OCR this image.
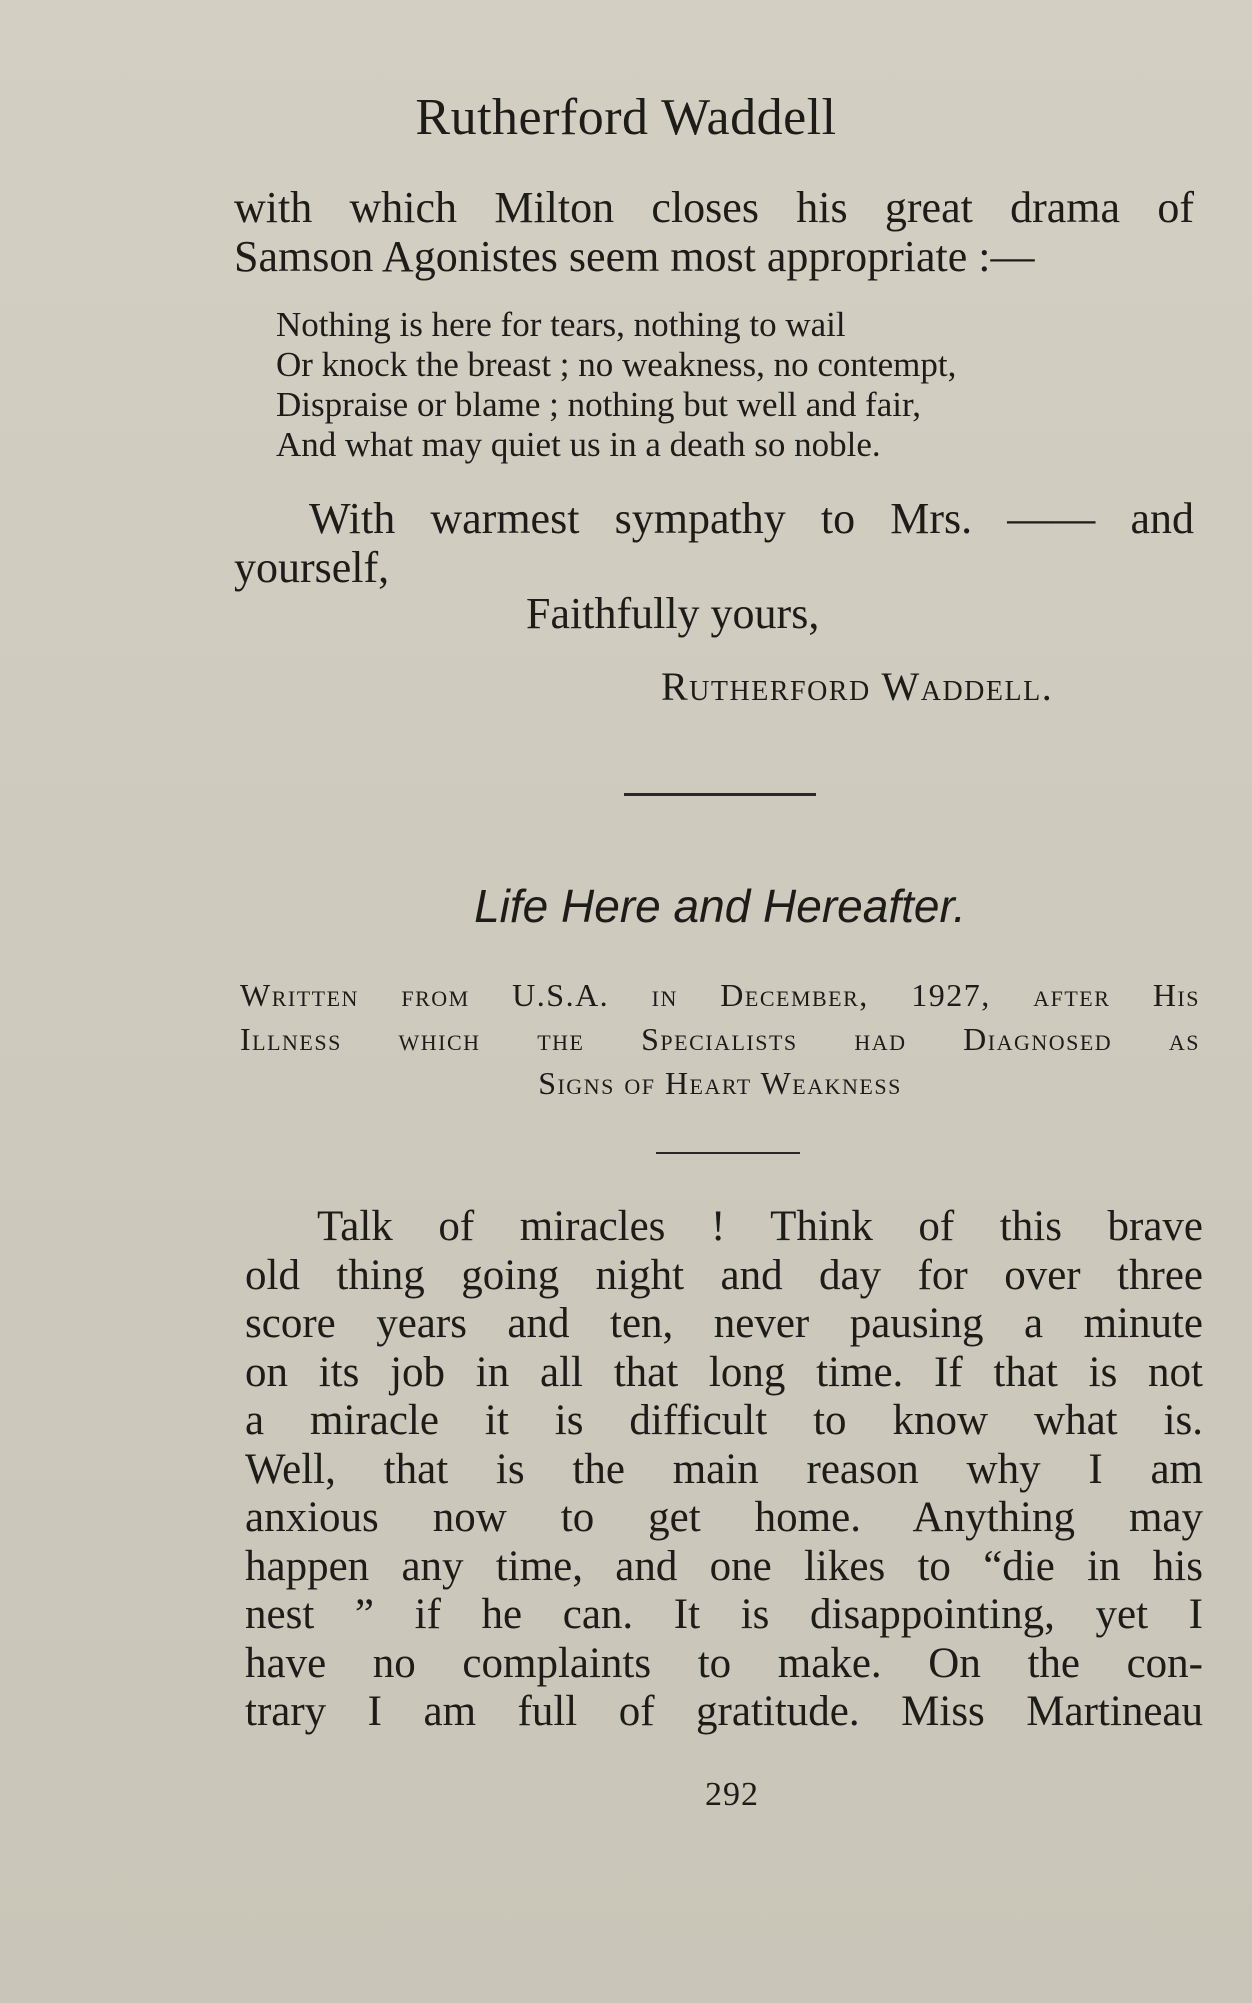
Rutherford Waddell
with which Milton closes his great drama of
Samson Agonistes seem most appropriate :—
Nothing is here for tears, nothing to wail
Or knock the breast ; no weakness, no contempt,
Dispraise or blame ; nothing but well and fair,
And what may quiet us in a death so noble.
With warmest sympathy to Mrs. —— and
yourself,
Faithfully yours,
Rutherford Waddell.
Life Here and Hereafter.
Written from U.S.A. in December, 1927, after His
Illness which the Specialists had Diagnosed as
Signs of Heart Weakness
Talk of miracles ! Think of this brave
old thing going night and day for over three
score years and ten, never pausing a minute
on its job in all that long time. If that is not
a miracle it is difficult to know what is.
Well, that is the main reason why I am
anxious now to get home. Anything may
happen any time, and one likes to “die in his
nest ” if he can. It is disappointing, yet I
have no complaints to make. On the con-
trary I am full of gratitude. Miss Martineau
292
